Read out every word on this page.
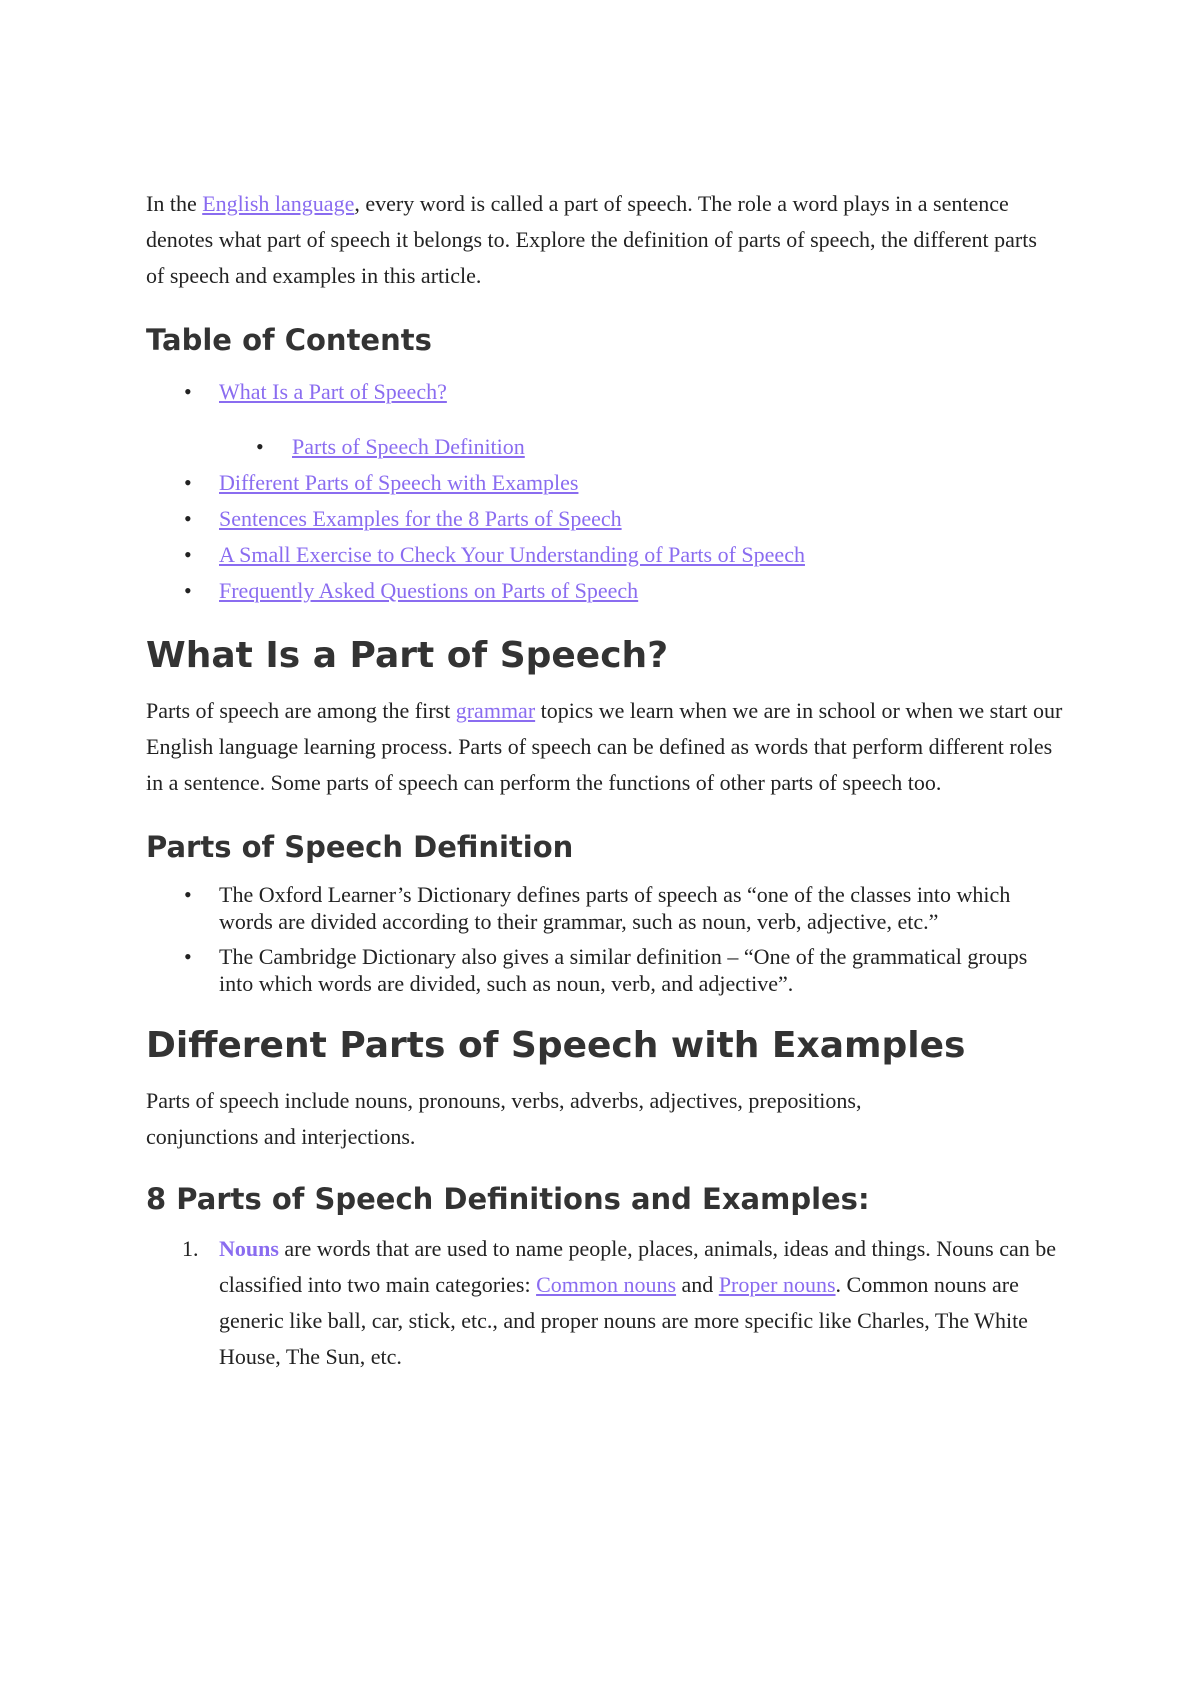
In the English language, every word is called a part of speech. The role a word plays in a sentence denotes what part of speech it belongs to. Explore the definition of parts of speech, the different parts of speech and examples in this article.

Table of Contents
•	What Is a Part of Speech?
• Parts of Speech Definition
•	Different Parts of Speech with Examples
•	Sentences Examples for the 8 Parts of Speech
•	A Small Exercise to Check Your Understanding of Parts of Speech
•	Frequently Asked Questions on Parts of Speech
What Is a Part of Speech?

Parts of speech are among the first grammar topics we learn when we are in school or when we start our English language learning process. Parts of speech can be defined as words that perform different roles in a sentence. Some parts of speech can perform the functions of other parts of speech too.

Parts of Speech Definition
•	The Oxford Learner’s Dictionary defines parts of speech as “one of the classes into which words are divided according to their grammar, such as noun, verb, adjective, etc.”
•	The Cambridge Dictionary also gives a similar definition – “One of the grammatical groups into which words are divided, such as noun, verb, and adjective”.
Different Parts of Speech with Examples

Parts of speech include nouns, pronouns, verbs, adverbs, adjectives, prepositions, conjunctions and interjections.

8 Parts of Speech Definitions and Examples:
1. Nouns are words that are used to name people, places, animals, ideas and things. Nouns can be classified into two main categories: Common nouns and Proper nouns. Common nouns are generic like ball, car, stick, etc., and proper nouns are more specific like Charles, The White House, The Sun, etc.
